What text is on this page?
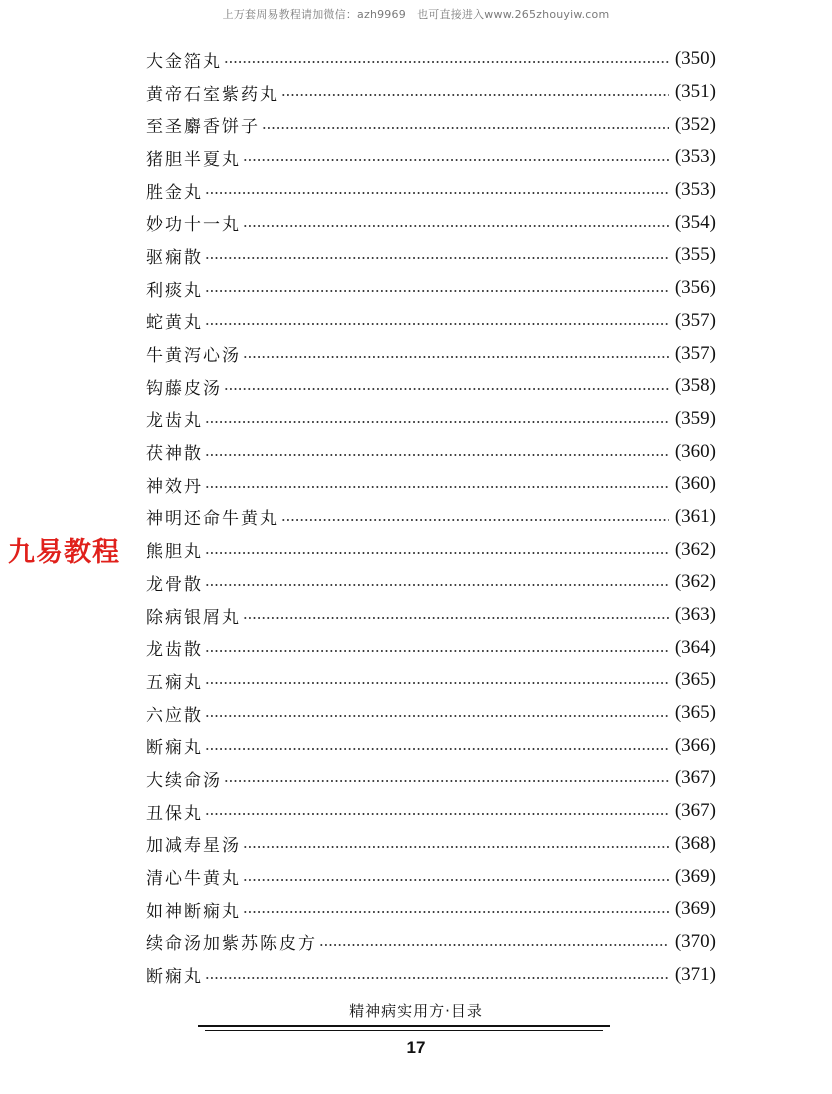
上万套周易教程请加微信：azh9969　也可直接进入www.265zhouyiw.com
大金箔丸	(350)
黄帝石室紫药丸	(351)
至圣麝香饼子	(352)
猪胆半夏丸	(353)
胜金丸	(353)
妙功十一丸	(354)
驱痫散	(355)
利痰丸	(356)
蛇黄丸	(357)
牛黄泻心汤	(357)
钩藤皮汤	(358)
龙齿丸	(359)
茯神散	(360)
神效丹	(360)
神明还命牛黄丸	(361)
熊胆丸	(362)
龙骨散	(362)
除病银屑丸	(363)
龙齿散	(364)
五痫丸	(365)
六应散	(365)
断痫丸	(366)
大续命汤	(367)
丑保丸	(367)
加减寿星汤	(368)
清心牛黄丸	(369)
如神断痫丸	(369)
续命汤加紫苏陈皮方	(370)
断痫丸	(371)
九易教程
精神病实用方·目录
17
